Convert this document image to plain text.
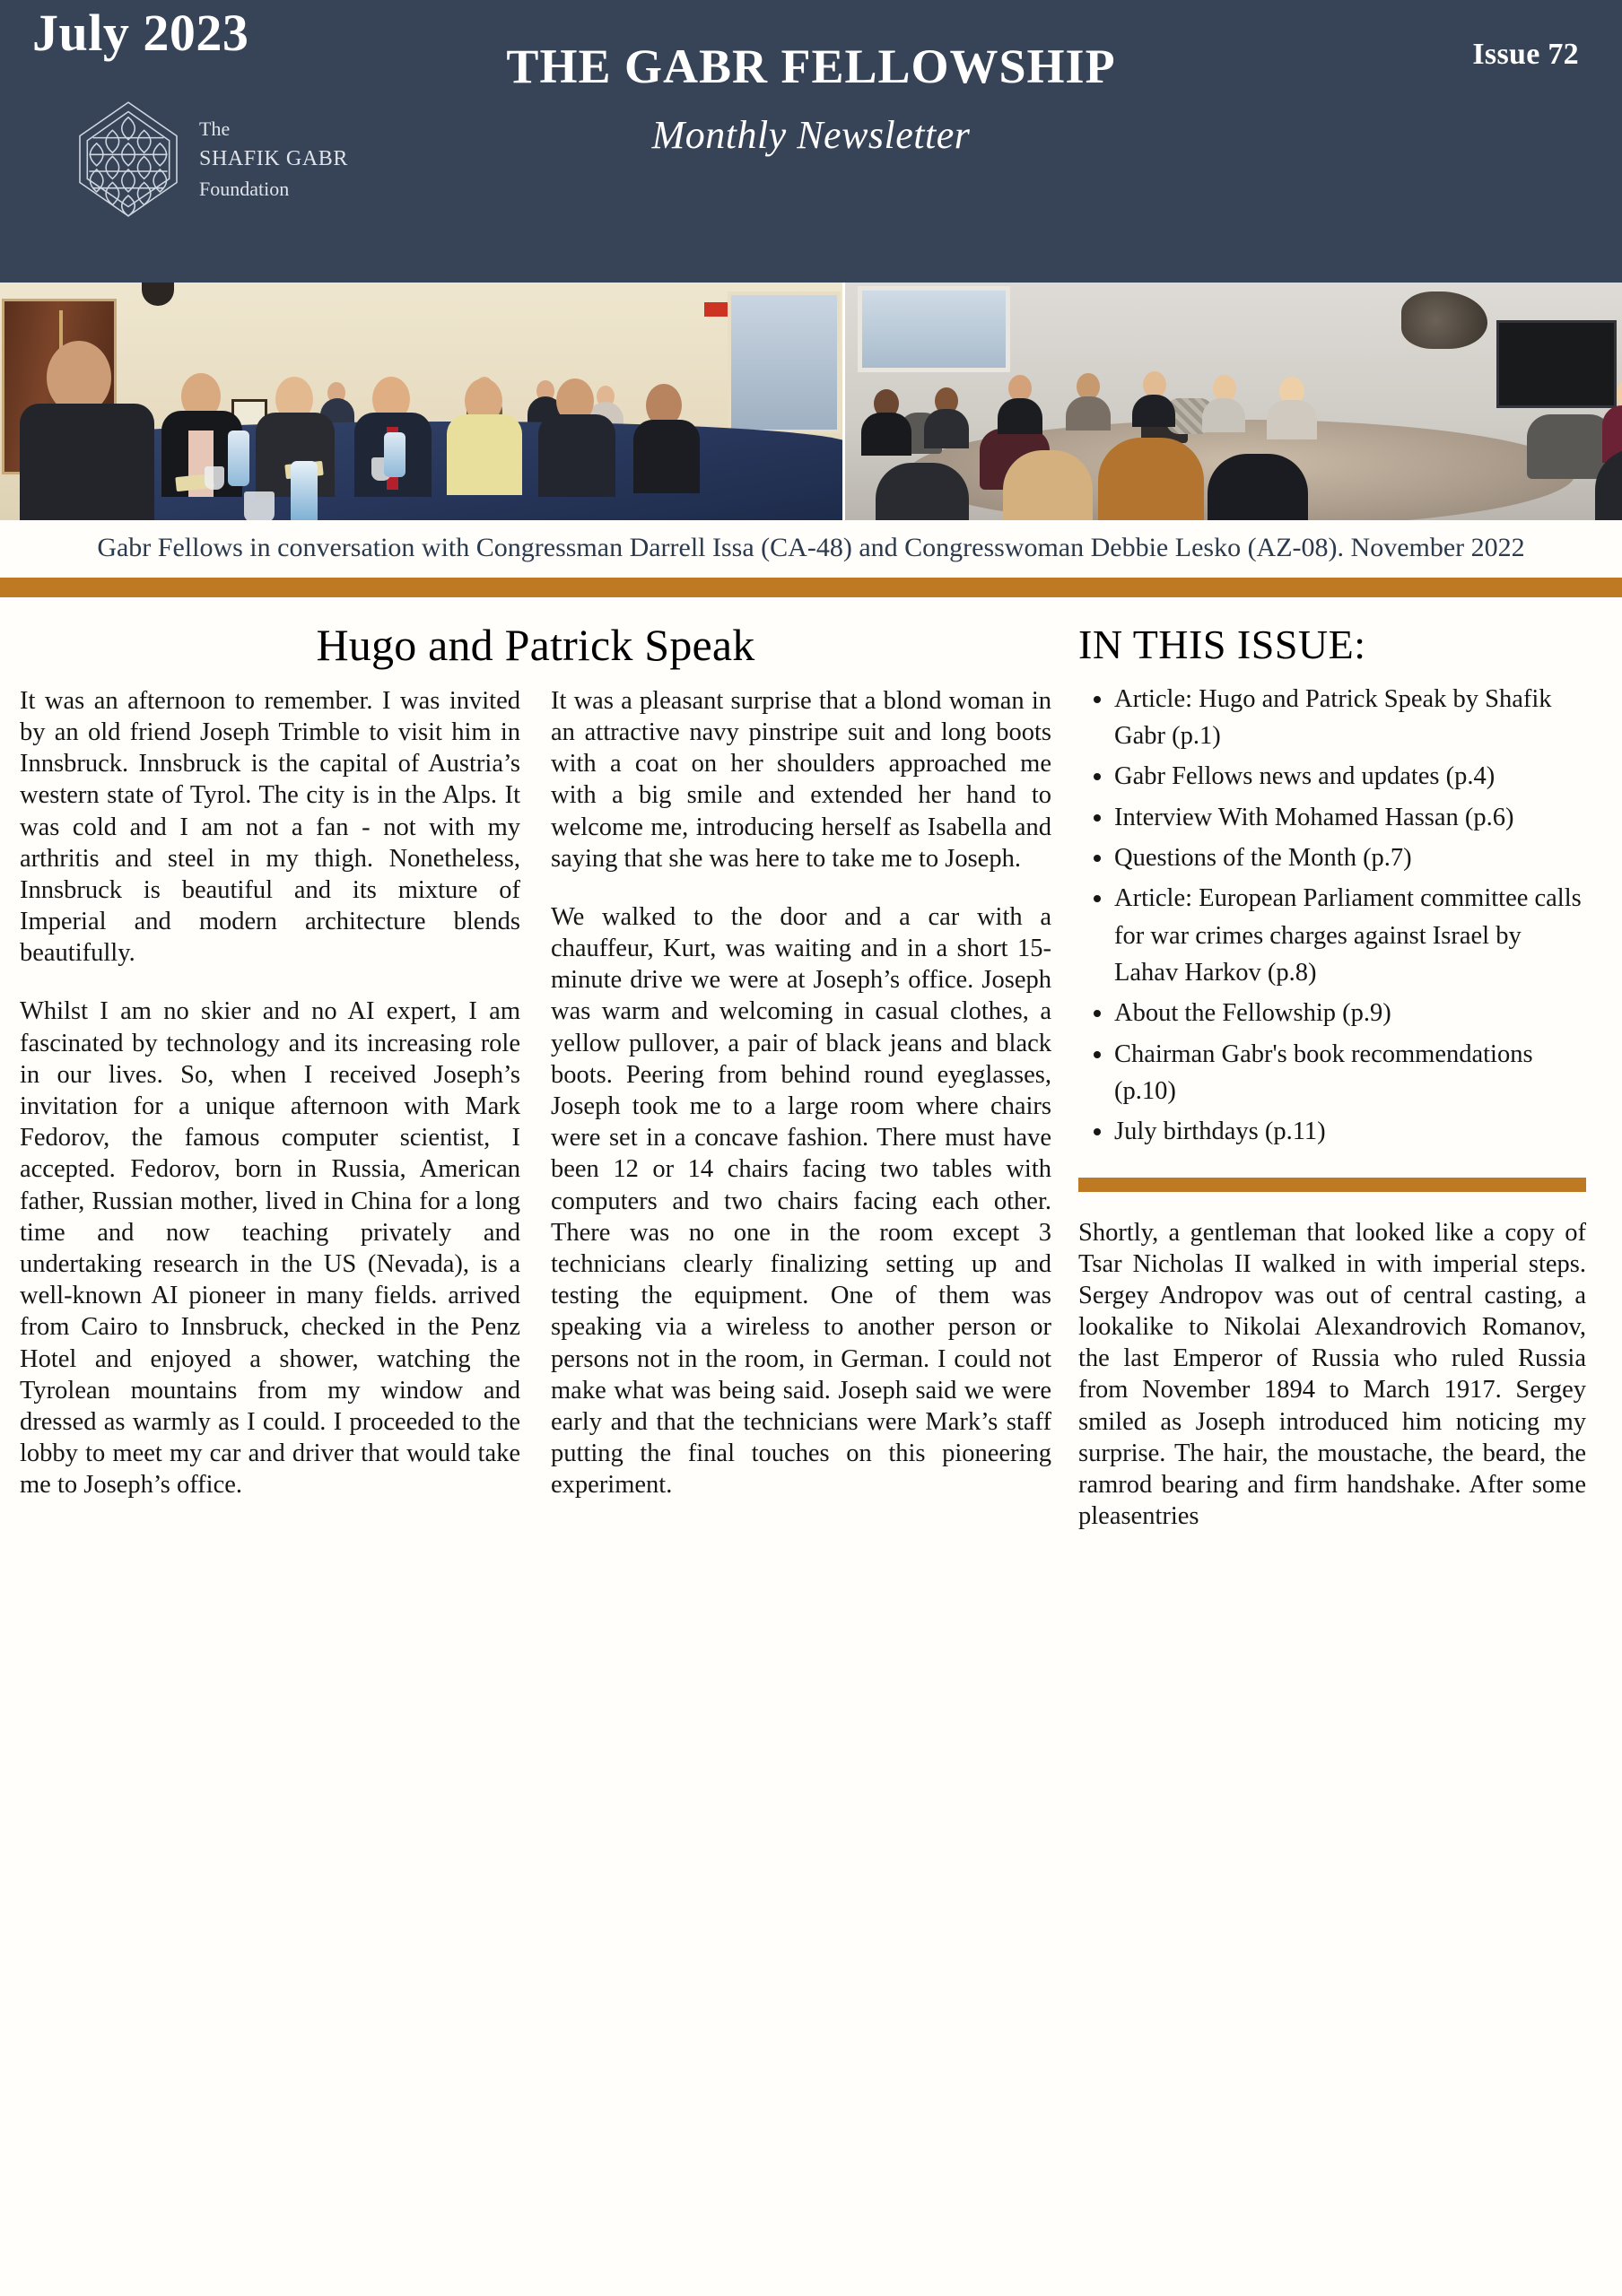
July 2023
THE GABR FELLOWSHIP
Monthly Newsletter
Issue 72
The
SHAFIK GABR
Foundation
Gabr Fellows in conversation with Congressman Darrell Issa (CA-48) and Congresswoman Debbie Lesko (AZ-08). November 2022
Hugo and Patrick Speak

It was an afternoon to remember. I was invited by an old friend Joseph Trimble to visit him in Innsbruck. Innsbruck is the capital of Austria’s western state of Tyrol. The city is in the Alps. It was cold and I am not a fan - not with my arthritis and steel in my thigh. Nonetheless, Innsbruck is beautiful and its mixture of Imperial and modern architecture blends beautifully.

Whilst I am no skier and no AI expert, I am fascinated by technology and its increasing role in our lives. So, when I received Joseph’s invitation for a unique afternoon with Mark Fedorov, the famous computer scientist, I accepted. Fedorov, born in Russia, American father, Russian mother, lived in China for a long time and now teaching privately and undertaking research in the US (Nevada), is a well-known AI pioneer in many fields. arrived from Cairo to Innsbruck, checked in the Penz Hotel and enjoyed a shower, watching the Tyrolean mountains from my window and dressed as warmly as I could. I proceeded to the lobby to meet my car and driver that would take me to Joseph’s office.

It was a pleasant surprise that a blond woman in an attractive navy pinstripe suit and long boots with a coat on her shoulders approached me with a big smile and extended her hand to welcome me, introducing herself as Isabella and saying that she was here to take me to Joseph.

We walked to the door and a car with a chauffeur, Kurt, was waiting and in a short 15-minute drive we were at Joseph’s office. Joseph was warm and welcoming in casual clothes, a yellow pullover, a pair of black jeans and black boots. Peering from behind round eyeglasses, Joseph took me to a large room where chairs were set in a concave fashion. There must have been 12 or 14 chairs facing two tables with computers and two chairs facing each other. There was no one in the room except 3 technicians clearly finalizing setting up and testing the equipment. One of them was speaking via a wireless to another person or persons not in the room, in German. I could not make what was being said. Joseph said we were early and that the technicians were Mark’s staff putting the final touches on this pioneering experiment.

IN THIS ISSUE:
• Article: Hugo and Patrick Speak by Shafik Gabr (p.1)
• Gabr Fellows news and updates (p.4)
• Interview With Mohamed Hassan (p.6)
• Questions of the Month (p.7)
• Article: European Parliament committee calls for war crimes charges against Israel by Lahav Harkov (p.8)
• About the Fellowship (p.9)
• Chairman Gabr's book recommendations (p.10)
• July birthdays (p.11)

Shortly, a gentleman that looked like a copy of Tsar Nicholas II walked in with imperial steps. Sergey Andropov was out of central casting, a lookalike to Nikolai Alexandrovich Romanov, the last Emperor of Russia who ruled Russia from November 1894 to March 1917. Sergey smiled as Joseph introduced him noticing my surprise. The hair, the moustache, the beard, the ramrod bearing and firm handshake. After some pleasentries
